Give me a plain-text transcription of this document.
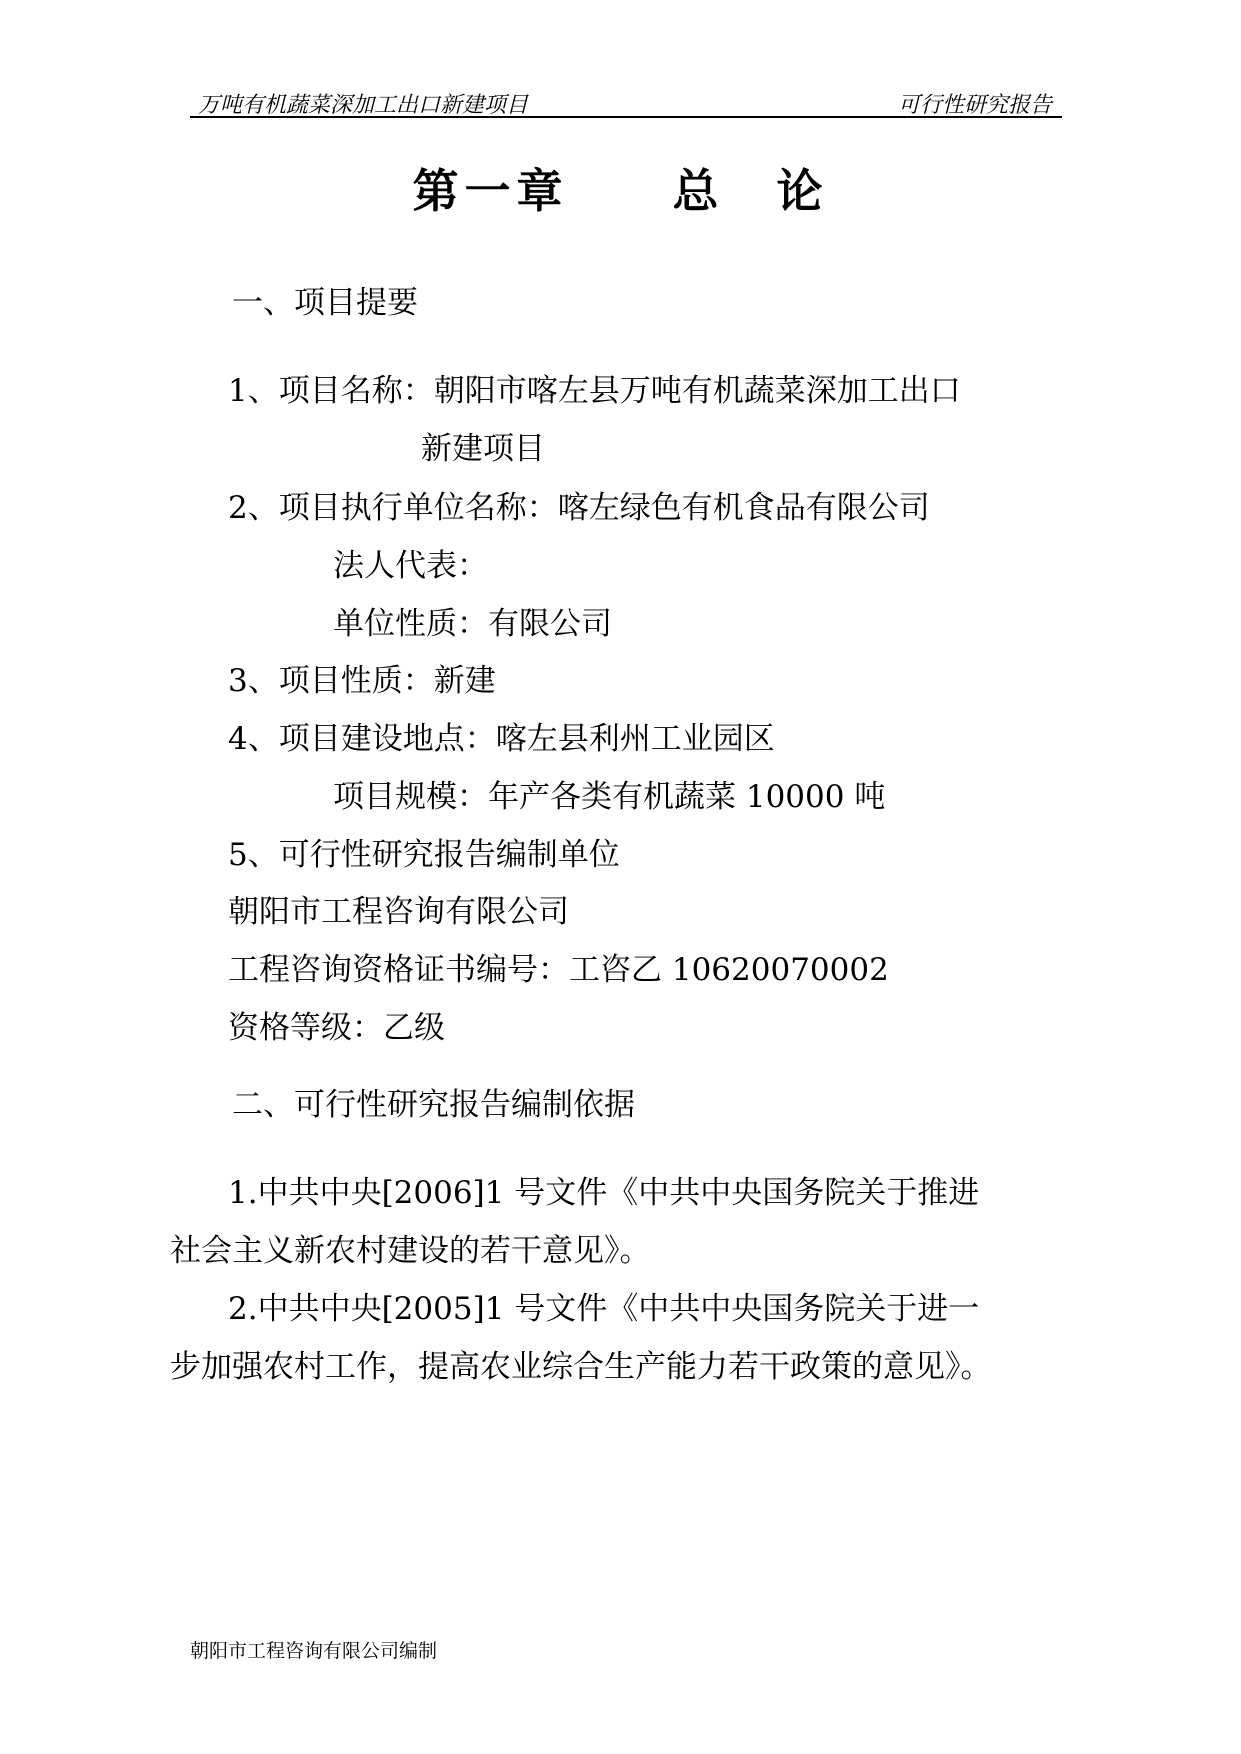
万吨有机蔬菜深加工出口新建项目	可行性研究报告
第一章　　总　论
一、项目提要
1、项目名称：朝阳市喀左县万吨有机蔬菜深加工出口
新建项目
2、项目执行单位名称：喀左绿色有机食品有限公司
法人代表：
单位性质：有限公司
3、项目性质：新建
4、项目建设地点：喀左县利州工业园区
项目规模：年产各类有机蔬菜 10000 吨
5、可行性研究报告编制单位
朝阳市工程咨询有限公司
工程咨询资格证书编号：工咨乙 10620070002
资格等级：乙级
二、可行性研究报告编制依据
1.中共中央[2006]1 号文件《中共中央国务院关于推进
社会主义新农村建设的若干意见》。
2.中共中央[2005]1 号文件《中共中央国务院关于进一
步加强农村工作，提高农业综合生产能力若干政策的意见》。
朝阳市工程咨询有限公司编制
